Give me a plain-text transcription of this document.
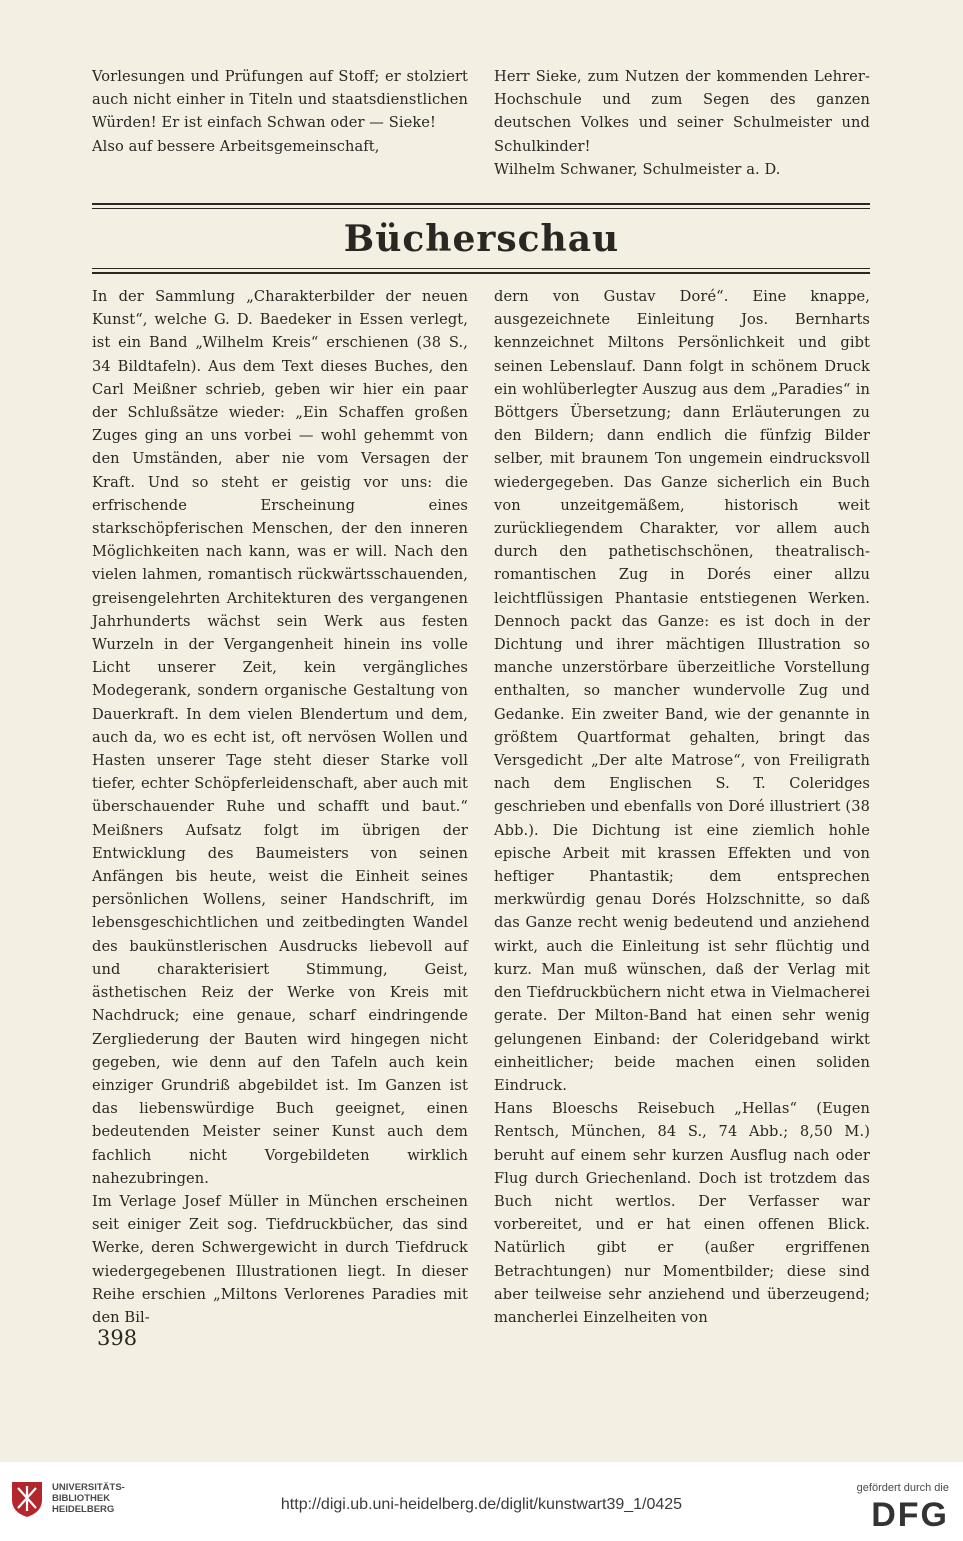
Vorlesungen und Prüfungen auf Stoff; er stolziert auch nicht einher in Titeln und staatsdienstlichen Würden! Er ist einfach Schwan oder — Sieke!

Also auf bessere Arbeitsgemeinschaft,

Herr Sieke, zum Nutzen der kommenden Lehrer-Hochschule und zum Segen des ganzen deutschen Volkes und seiner Schulmeister und Schulkinder!

Wilhelm Schwaner, Schulmeister a. D.

Bücherschau

In der Sammlung „Charakterbilder der neuen Kunst“, welche G. D. Baedeker in Essen verlegt, ist ein Band „Wilhelm Kreis“ erschienen (38 S., 34 Bildtafeln). Aus dem Text dieses Buches, den Carl Meißner schrieb, geben wir hier ein paar der Schlußsätze wieder: „Ein Schaffen großen Zuges ging an uns vorbei — wohl gehemmt von den Umständen, aber nie vom Versagen der Kraft. Und so steht er geistig vor uns: die erfrischende Erscheinung eines starkschöpferischen Menschen, der den inneren Möglichkeiten nach kann, was er will. Nach den vielen lahmen, romantisch rückwärtsschauenden, greisengelehrten Architekturen des vergangenen Jahrhunderts wächst sein Werk aus festen Wurzeln in der Vergangenheit hinein ins volle Licht unserer Zeit, kein vergängliches Modegerank, sondern organische Gestaltung von Dauerkraft. In dem vielen Blendertum und dem, auch da, wo es echt ist, oft nervösen Wollen und Hasten unserer Tage steht dieser Starke voll tiefer, echter Schöpferleidenschaft, aber auch mit überschauender Ruhe und schafft und baut.“ Meißners Aufsatz folgt im übrigen der Entwicklung des Baumeisters von seinen Anfängen bis heute, weist die Einheit seines persönlichen Wollens, seiner Handschrift, im lebensgeschichtlichen und zeitbedingten Wandel des baukünstlerischen Ausdrucks liebevoll auf und charakterisiert Stimmung, Geist, ästhetischen Reiz der Werke von Kreis mit Nachdruck; eine genaue, scharf eindringende Zergliederung der Bauten wird hingegen nicht gegeben, wie denn auf den Tafeln auch kein einziger Grundriß abgebildet ist. Im Ganzen ist das liebenswürdige Buch geeignet, einen bedeutenden Meister seiner Kunst auch dem fachlich nicht Vorgebildeten wirklich nahezubringen.

Im Verlage Josef Müller in München erscheinen seit einiger Zeit sog. Tiefdruckbücher, das sind Werke, deren Schwergewicht in durch Tiefdruck wiedergegebenen Illustrationen liegt. In dieser Reihe erschien „Miltons Verlorenes Paradies mit den Bil-

dern von Gustav Doré“. Eine knappe, ausgezeichnete Einleitung Jos. Bernharts kennzeichnet Miltons Persönlichkeit und gibt seinen Lebenslauf. Dann folgt in schönem Druck ein wohlüberlegter Auszug aus dem „Paradies“ in Böttgers Übersetzung; dann Erläuterungen zu den Bildern; dann endlich die fünfzig Bilder selber, mit braunem Ton ungemein eindrucksvoll wiedergegeben. Das Ganze sicherlich ein Buch von unzeitgemäßem, historisch weit zurückliegendem Charakter, vor allem auch durch den pathetischschönen, theatralisch-romantischen Zug in Dorés einer allzu leichtflüssigen Phantasie entstiegenen Werken. Dennoch packt das Ganze: es ist doch in der Dichtung und ihrer mächtigen Illustration so manche unzerstörbare überzeitliche Vorstellung enthalten, so mancher wundervolle Zug und Gedanke. Ein zweiter Band, wie der genannte in größtem Quartformat gehalten, bringt das Versgedicht „Der alte Matrose“, von Freiligrath nach dem Englischen S. T. Coleridges geschrieben und ebenfalls von Doré illustriert (38 Abb.). Die Dichtung ist eine ziemlich hohle epische Arbeit mit krassen Effekten und von heftiger Phantastik; dem entsprechen merkwürdig genau Dorés Holzschnitte, so daß das Ganze recht wenig bedeutend und anziehend wirkt, auch die Einleitung ist sehr flüchtig und kurz. Man muß wünschen, daß der Verlag mit den Tiefdruckbüchern nicht etwa in Vielmacherei gerate. Der Milton-Band hat einen sehr wenig gelungenen Einband: der Coleridgeband wirkt einheitlicher; beide machen einen soliden Eindruck.

Hans Bloeschs Reisebuch „Hellas“ (Eugen Rentsch, München, 84 S., 74 Abb.; 8,50 M.) beruht auf einem sehr kurzen Ausflug nach oder Flug durch Griechenland. Doch ist trotzdem das Buch nicht wertlos. Der Verfasser war vorbereitet, und er hat einen offenen Blick. Natürlich gibt er (außer ergriffenen Betrachtungen) nur Momentbilder; diese sind aber teilweise sehr anziehend und überzeugend; mancherlei Einzelheiten von

398
UNIVERSITÄTS-
BIBLIOTHEK
HEIDELBERG	http://digi.ub.uni-heidelberg.de/diglit/kunstwart39_1/0425
gefördert durch die
DFG
